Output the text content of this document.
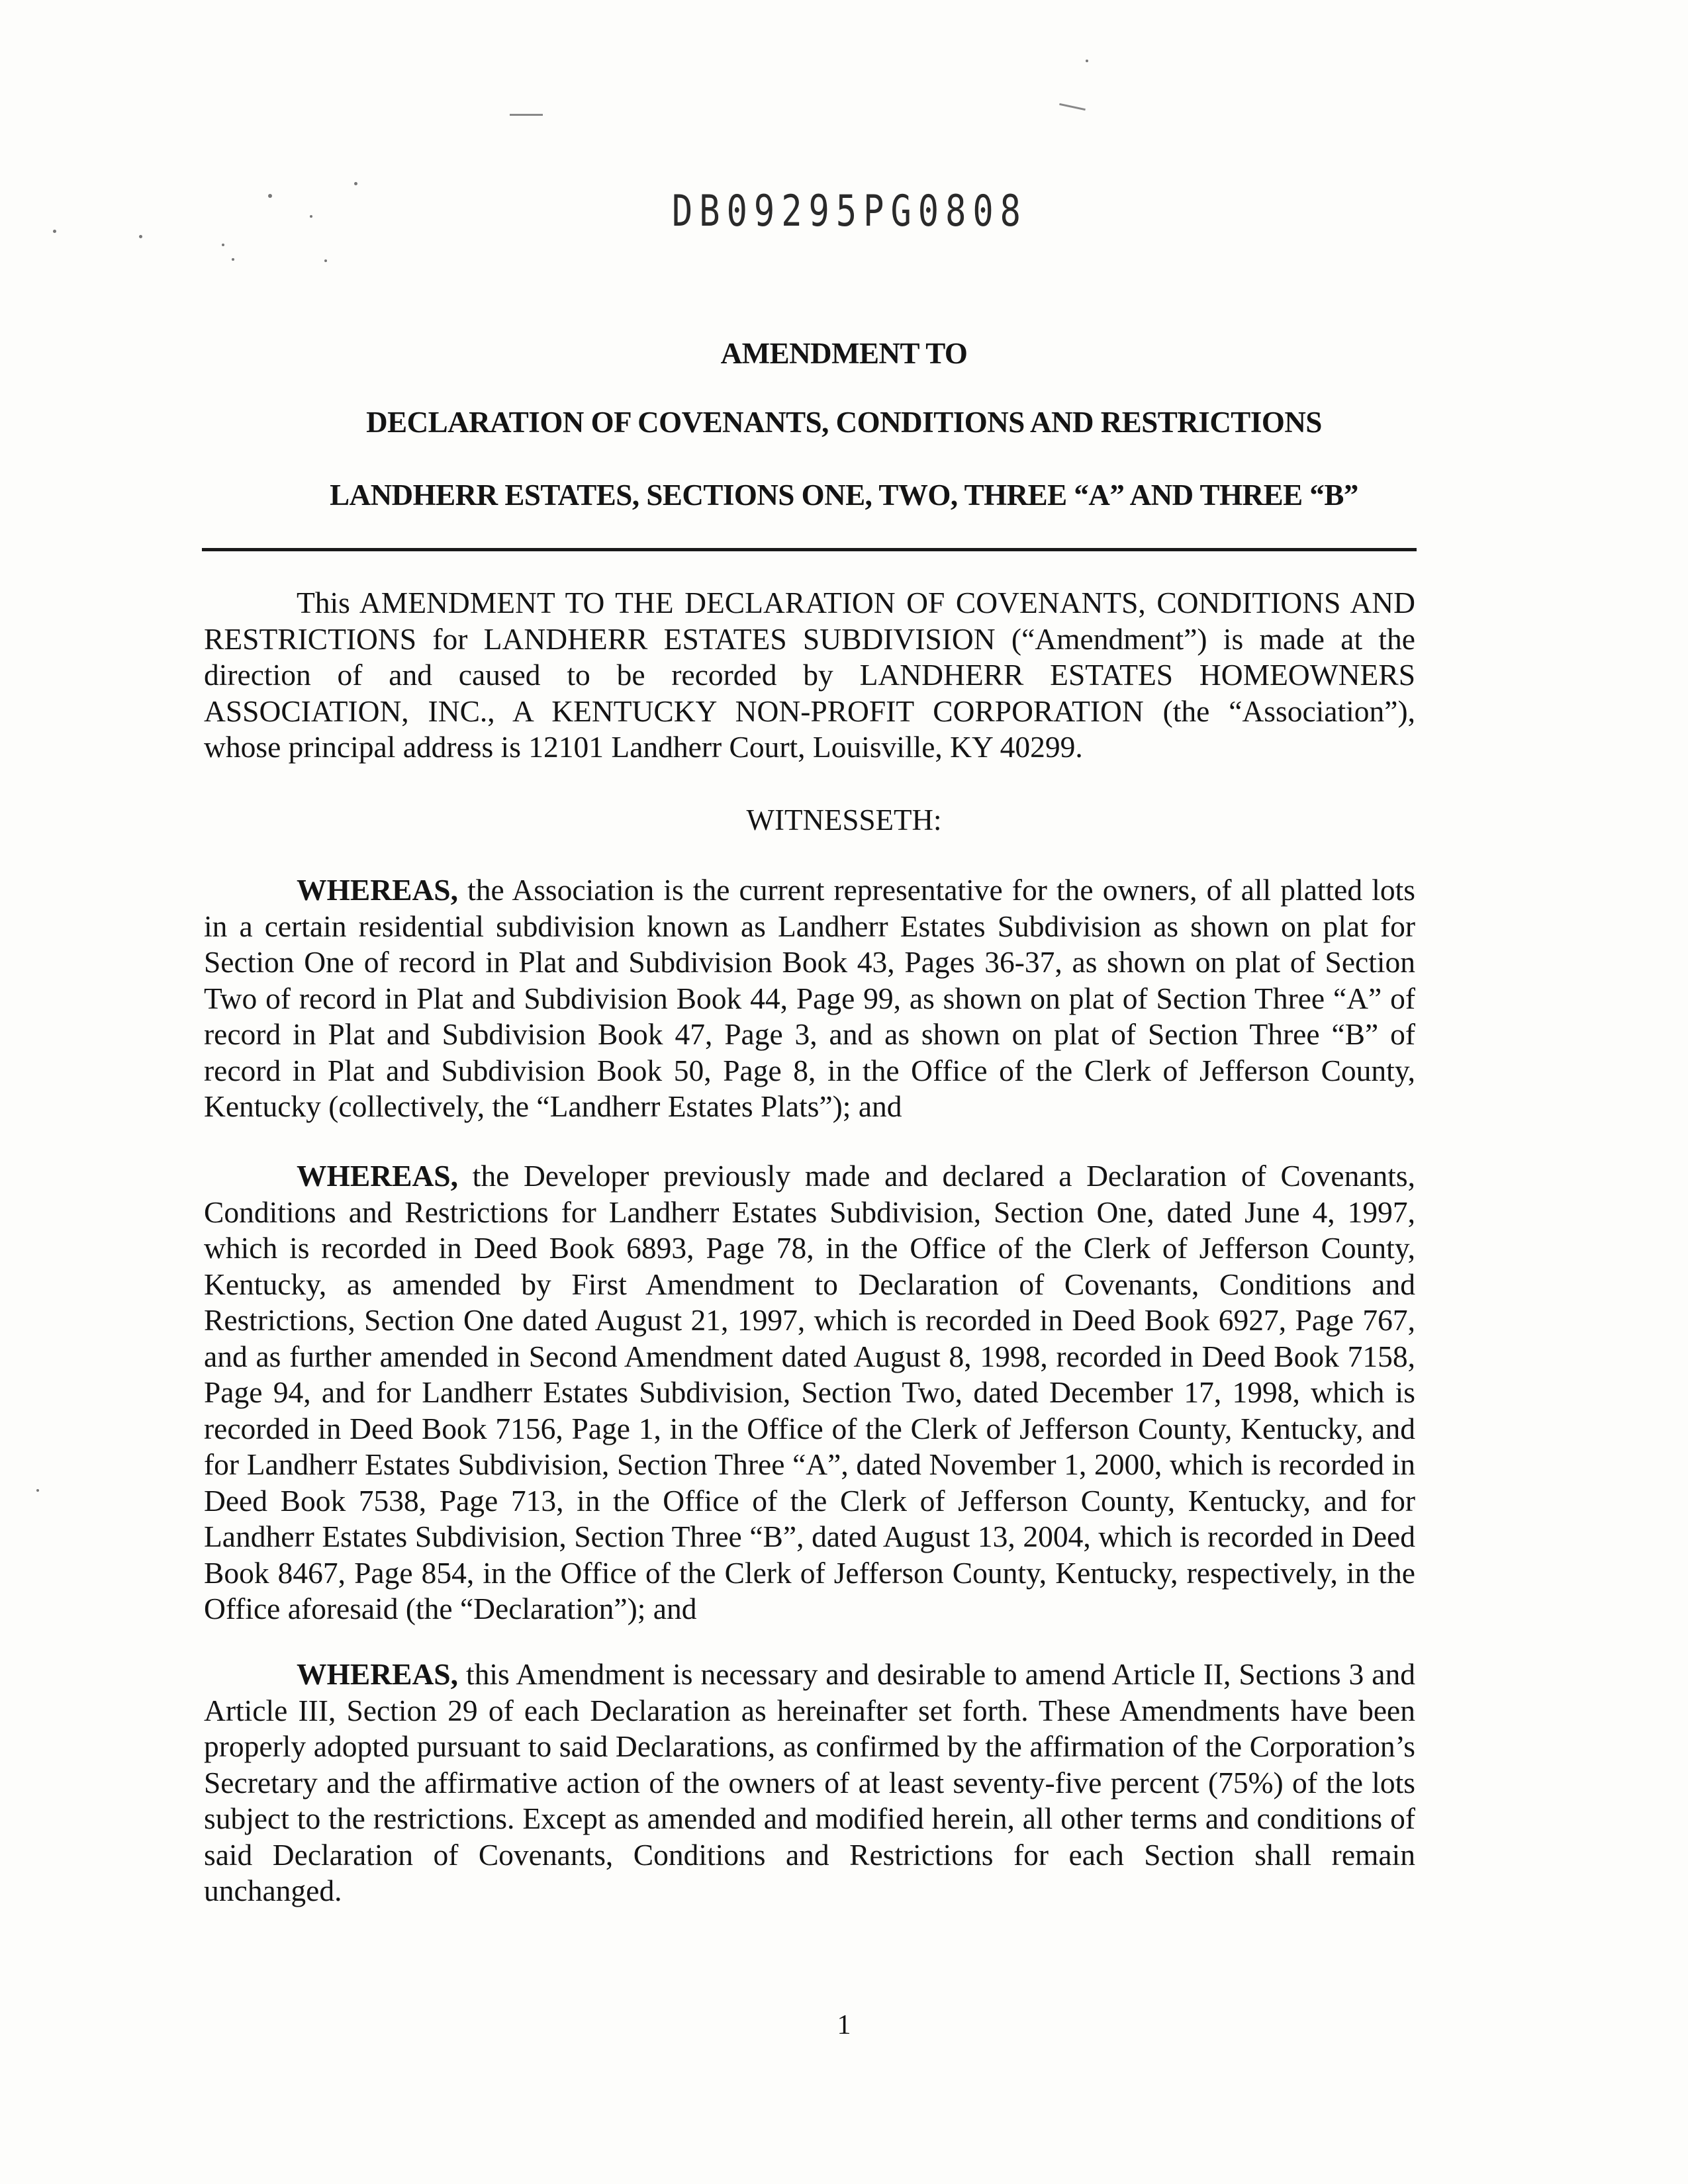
DB09295PG0808
AMENDMENT TO
DECLARATION OF COVENANTS, CONDITIONS AND RESTRICTIONS
LANDHERR ESTATES, SECTIONS ONE, TWO, THREE “A” AND THREE “B”

This AMENDMENT TO THE DECLARATION OF COVENANTS, CONDITIONS AND RESTRICTIONS for LANDHERR ESTATES SUBDIVISION (“Amendment”) is made at the direction of and caused to be recorded by LANDHERR ESTATES HOMEOWNERS ASSOCIATION, INC., A KENTUCKY NON-PROFIT CORPORATION (the “Association”), whose principal address is 12101 Landherr Court, Louisville, KY 40299.

WITNESSETH:

WHEREAS, the Association is the current representative for the owners, of all platted lots in a certain residential subdivision known as Landherr Estates Subdivision as shown on plat for Section One of record in Plat and Subdivision Book 43, Pages 36-37, as shown on plat of Section Two of record in Plat and Subdivision Book 44, Page 99, as shown on plat of Section Three “A” of record in Plat and Subdivision Book 47, Page 3, and as shown on plat of Section Three “B” of record in Plat and Subdivision Book 50, Page 8, in the Office of the Clerk of Jefferson County, Kentucky (collectively, the “Landherr Estates Plats”); and

WHEREAS, the Developer previously made and declared a Declaration of Covenants, Conditions and Restrictions for Landherr Estates Subdivision, Section One, dated June 4, 1997, which is recorded in Deed Book 6893, Page 78, in the Office of the Clerk of Jefferson County, Kentucky, as amended by First Amendment to Declaration of Covenants, Conditions and Restrictions, Section One dated August 21, 1997, which is recorded in Deed Book 6927, Page 767, and as further amended in Second Amendment dated August 8, 1998, recorded in Deed Book 7158, Page 94, and for Landherr Estates Subdivision, Section Two, dated December 17, 1998, which is recorded in Deed Book 7156, Page 1, in the Office of the Clerk of Jefferson County, Kentucky, and for Landherr Estates Subdivision, Section Three “A”, dated November 1, 2000, which is recorded in Deed Book 7538, Page 713, in the Office of the Clerk of Jefferson County, Kentucky, and for Landherr Estates Subdivision, Section Three “B”, dated August 13, 2004, which is recorded in Deed Book 8467, Page 854, in the Office of the Clerk of Jefferson County, Kentucky, respectively, in the Office aforesaid (the “Declaration”); and

WHEREAS, this Amendment is necessary and desirable to amend Article II, Sections 3 and Article III, Section 29 of each Declaration as hereinafter set forth. These Amendments have been properly adopted pursuant to said Declarations, as confirmed by the affirmation of the Corporation’s Secretary and the affirmative action of the owners of at least seventy-five percent (75%) of the lots subject to the restrictions. Except as amended and modified herein, all other terms and conditions of said Declaration of Covenants, Conditions and Restrictions for each Section shall remain unchanged.

1
